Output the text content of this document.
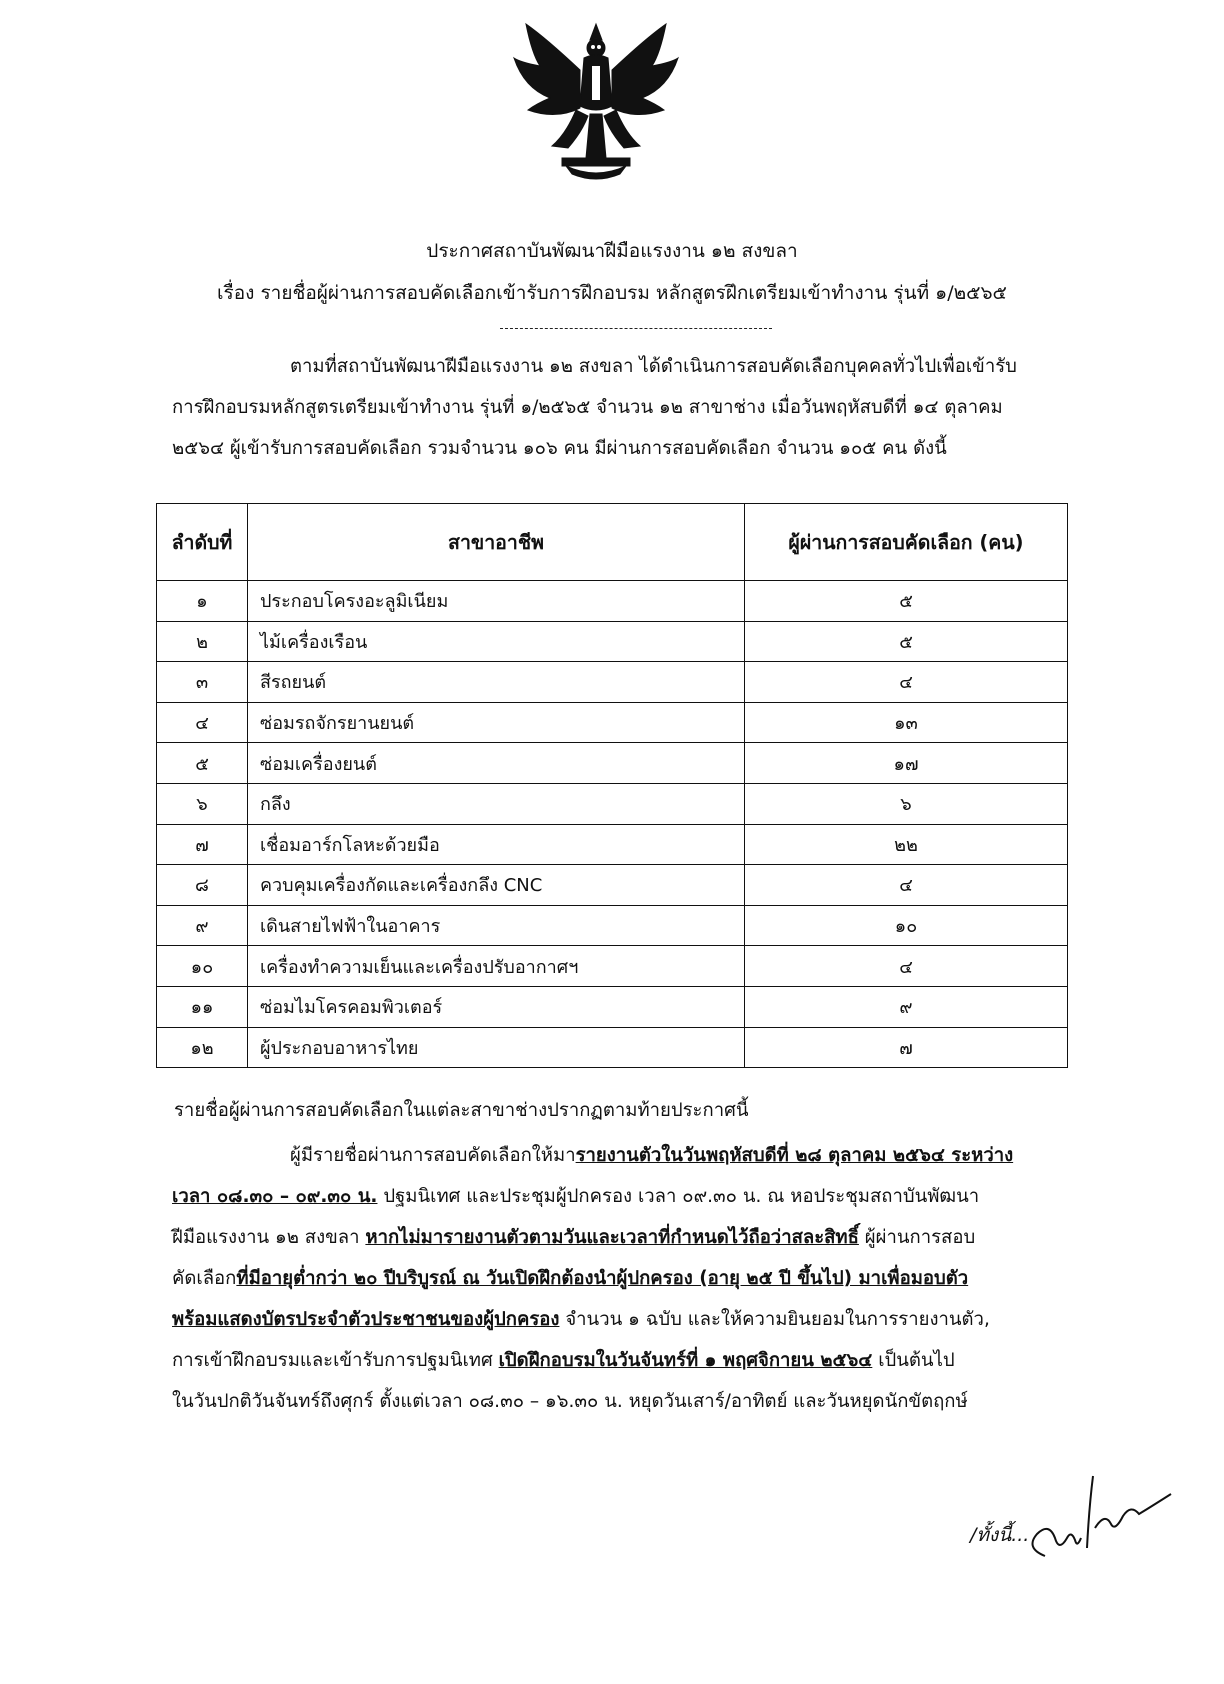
ประกาศสถาบันพัฒนาฝีมือแรงงาน ๑๒ สงขลา
เรื่อง รายชื่อผู้ผ่านการสอบคัดเลือกเข้ารับการฝึกอบรม หลักสูตรฝึกเตรียมเข้าทำงาน รุ่นที่ ๑/๒๕๖๕
ตามที่สถาบันพัฒนาฝีมือแรงงาน ๑๒ สงขลา ได้ดำเนินการสอบคัดเลือกบุคคลทั่วไปเพื่อเข้ารับ
การฝึกอบรมหลักสูตรเตรียมเข้าทำงาน รุ่นที่ ๑/๒๕๖๕ จำนวน ๑๒ สาขาช่าง เมื่อวันพฤหัสบดีที่ ๑๔ ตุลาคม
๒๕๖๔ ผู้เข้ารับการสอบคัดเลือก รวมจำนวน ๑๐๖ คน มีผ่านการสอบคัดเลือก จำนวน ๑๐๕ คน ดังนี้
ลำดับที่	สาขาอาชีพ	ผู้ผ่านการสอบคัดเลือก (คน)
๑	ประกอบโครงอะลูมิเนียม	๕
๒	ไม้เครื่องเรือน	๕
๓	สีรถยนต์	๔
๔	ซ่อมรถจักรยานยนต์	๑๓
๕	ซ่อมเครื่องยนต์	๑๗
๖	กลึง	๖
๗	เชื่อมอาร์กโลหะด้วยมือ	๒๒
๘	ควบคุมเครื่องกัดและเครื่องกลึง CNC	๔
๙	เดินสายไฟฟ้าในอาคาร	๑๐
๑๐	เครื่องทำความเย็นและเครื่องปรับอากาศฯ	๔
๑๑	ซ่อมไมโครคอมพิวเตอร์	๙
๑๒	ผู้ประกอบอาหารไทย	๗
รายชื่อผู้ผ่านการสอบคัดเลือกในแต่ละสาขาช่างปรากฏตามท้ายประกาศนี้
ผู้มีรายชื่อผ่านการสอบคัดเลือกให้มารายงานตัวในวันพฤหัสบดีที่ ๒๘ ตุลาคม ๒๕๖๔ ระหว่าง
เวลา ๐๘.๓๐ – ๐๙.๓๐ น. ปฐมนิเทศ และประชุมผู้ปกครอง เวลา ๐๙.๓๐ น. ณ หอประชุมสถาบันพัฒนา
ฝีมือแรงงาน ๑๒ สงขลา หากไม่มารายงานตัวตามวันและเวลาที่กำหนดไว้ถือว่าสละสิทธิ์ ผู้ผ่านการสอบ
คัดเลือกที่มีอายุต่ำกว่า ๒๐ ปีบริบูรณ์ ณ วันเปิดฝึกต้องนำผู้ปกครอง (อายุ ๒๕ ปี ขึ้นไป) มาเพื่อมอบตัว
พร้อมแสดงบัตรประจำตัวประชาชนของผู้ปกครอง จำนวน ๑ ฉบับ และให้ความยินยอมในการรายงานตัว,
การเข้าฝึกอบรมและเข้ารับการปฐมนิเทศ เปิดฝึกอบรมในวันจันทร์ที่ ๑ พฤศจิกายน ๒๕๖๔ เป็นต้นไป
ในวันปกติวันจันทร์ถึงศุกร์ ตั้งแต่เวลา ๐๘.๓๐ – ๑๖.๓๐ น. หยุดวันเสาร์/อาทิตย์ และวันหยุดนักขัตฤกษ์
/ทั้งนี้...
